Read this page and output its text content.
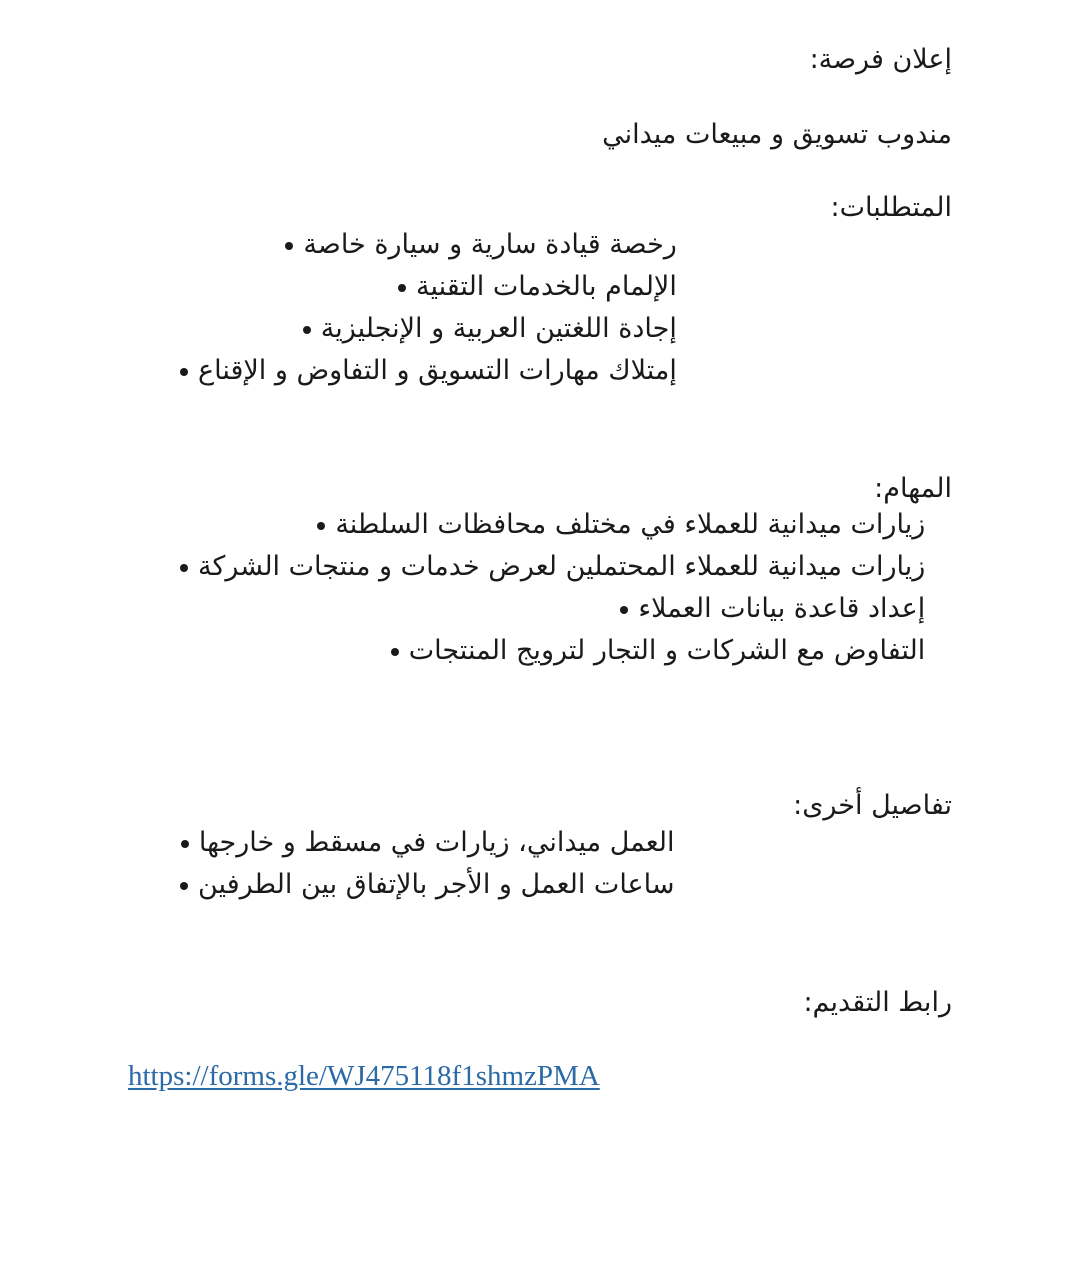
إعلان فرصة:
مندوب تسويق و مبيعات ميداني
المتطلبات:
رخصة قيادة سارية و سيارة خاصة
الإلمام بالخدمات التقنية
إجادة اللغتين العربية و الإنجليزية
إمتلاك مهارات التسويق و التفاوض و الإقناع
المهام:
زيارات ميدانية للعملاء في مختلف محافظات السلطنة
زيارات ميدانية للعملاء المحتملين لعرض خدمات و منتجات الشركة
إعداد قاعدة بيانات العملاء
التفاوض مع الشركات و التجار لترويج المنتجات
تفاصيل أخرى:
العمل ميداني، زيارات في مسقط و خارجها
ساعات العمل و الأجر بالإتفاق بين الطرفين
رابط التقديم:
https://forms.gle/WJ475118f1shmzPMA
